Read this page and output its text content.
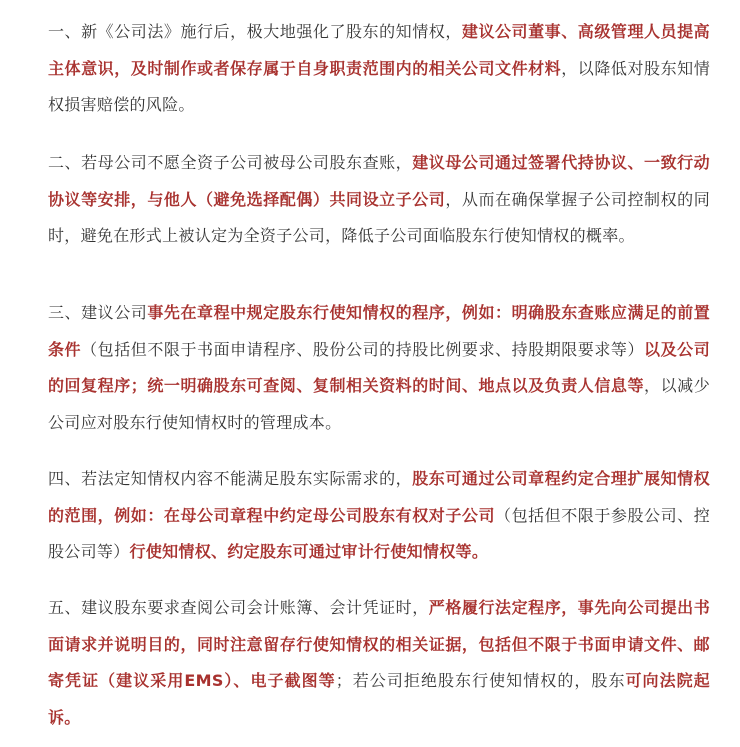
一、新《公司法》施行后，极大地强化了股东的知情权，建议公司董事、高级管理人员提高主体意识，及时制作或者保存属于自身职责范围内的相关公司文件材料，以降低对股东知情权损害赔偿的风险。

二、若母公司不愿全资子公司被母公司股东查账，建议母公司通过签署代持协议、一致行动协议等安排，与他人（避免选择配偶）共同设立子公司，从而在确保掌握子公司控制权的同时，避免在形式上被认定为全资子公司，降低子公司面临股东行使知情权的概率。

三、建议公司事先在章程中规定股东行使知情权的程序，例如：明确股东查账应满足的前置条件（包括但不限于书面申请程序、股份公司的持股比例要求、持股期限要求等）以及公司的回复程序；统一明确股东可查阅、复制相关资料的时间、地点以及负责人信息等，以减少公司应对股东行使知情权时的管理成本。

四、若法定知情权内容不能满足股东实际需求的，股东可通过公司章程约定合理扩展知情权的范围，例如：在母公司章程中约定母公司股东有权对子公司（包括但不限于参股公司、控股公司等）行使知情权、约定股东可通过审计行使知情权等。

五、建议股东要求查阅公司会计账簿、会计凭证时，严格履行法定程序，事先向公司提出书面请求并说明目的，同时注意留存行使知情权的相关证据，包括但不限于书面申请文件、邮寄凭证（建议采用EMS）、电子截图等；若公司拒绝股东行使知情权的，股东可向法院起诉。
